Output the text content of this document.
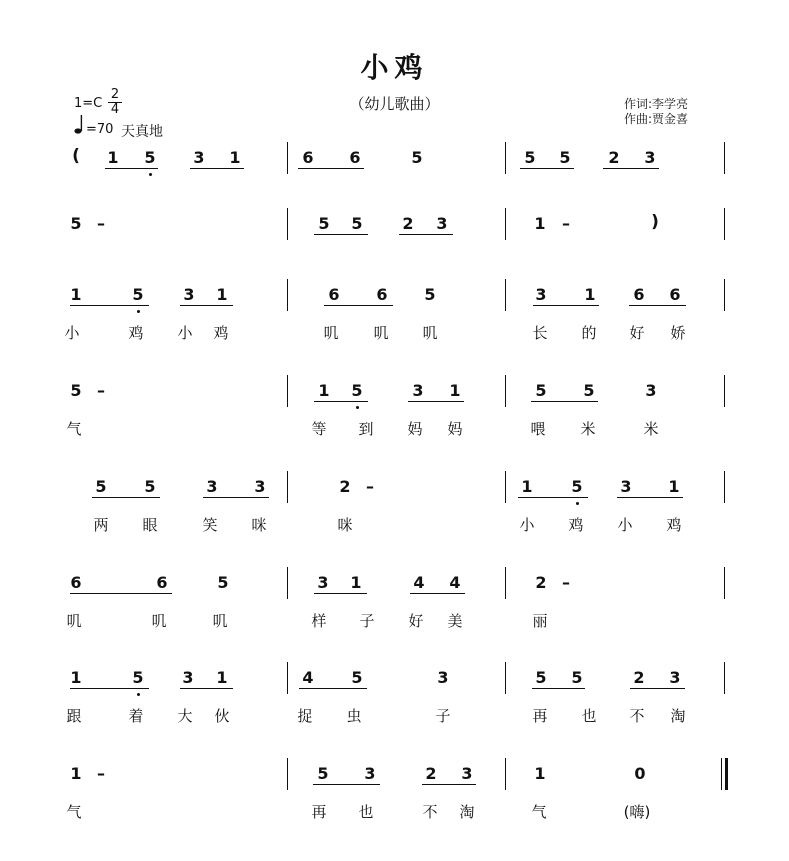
小鸡
（幼儿歌曲）
$1=C \frac{2}{4}$
=70 天真地
作词:李学亮
作曲:贾金喜
( 1 5 3 1	6 6	5	5 5 2 3
5 –	5 5 2 3	1 –	)
1	5 3 1	6 6 5	3 1 6 6
小	鸡 小 鸡	叽 叽 叽	长 的 好 娇
5 –	1 5	3 1	5 5	3
气	等 到 妈 妈	喂 米	米
5 5	3 3	2 –	1 5 3 1
两 眼	笑 咪	咪	小 鸡 小 鸡
6	6	5	3 1	4 4	2 –
叽	叽	叽	样 子 好 美	丽
1	5 3 1	4 5	3	5 5	2 3
跟	着 大 伙	捉 虫	子	再 也 不 淘
1 –	5 3	2 3	1	0
气	再 也	不 淘	气	(嗨)
